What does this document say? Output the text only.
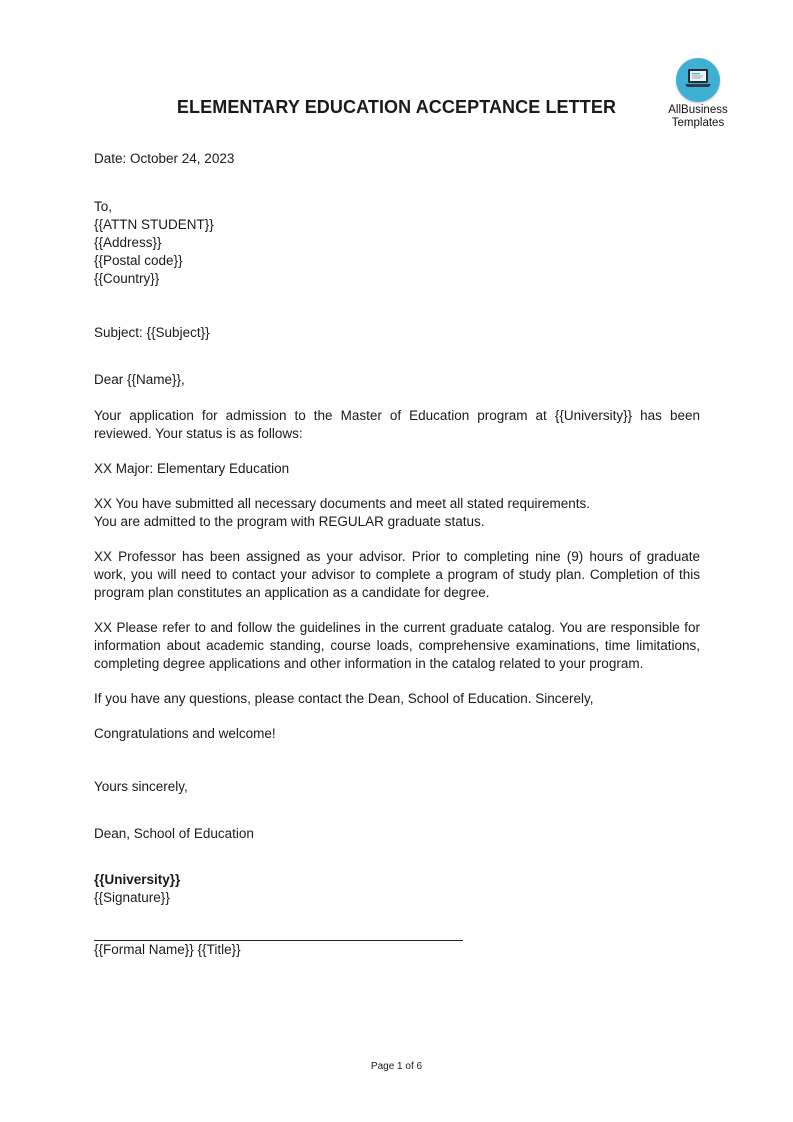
AllBusiness
Templates
ELEMENTARY EDUCATION ACCEPTANCE LETTER

Date: October 24, 2023

To,

{{ATTN STUDENT}}

{{Address}}

{{Postal code}}

{{Country}}

Subject: {{Subject}}

Dear {{Name}},

Your application for admission to the Master of Education program at {{University}} has been reviewed. Your status is as follows:

XX Major: Elementary Education

XX You have submitted all necessary documents and meet all stated requirements.

You are admitted to the program with REGULAR graduate status.

XX Professor has been assigned as your advisor. Prior to completing nine (9) hours of graduate work, you will need to contact your advisor to complete a program of study plan. Completion of this program plan constitutes an application as a candidate for degree.

XX Please refer to and follow the guidelines in the current graduate catalog. You are responsible for information about academic standing, course loads, comprehensive examinations, time limitations, completing degree applications and other information in the catalog related to your program.

If you have any questions, please contact the Dean, School of Education. Sincerely,

Congratulations and welcome!

Yours sincerely,

Dean, School of Education

{{University}}

{{Signature}}

{{Formal Name}} {{Title}}

Page 1 of 6
